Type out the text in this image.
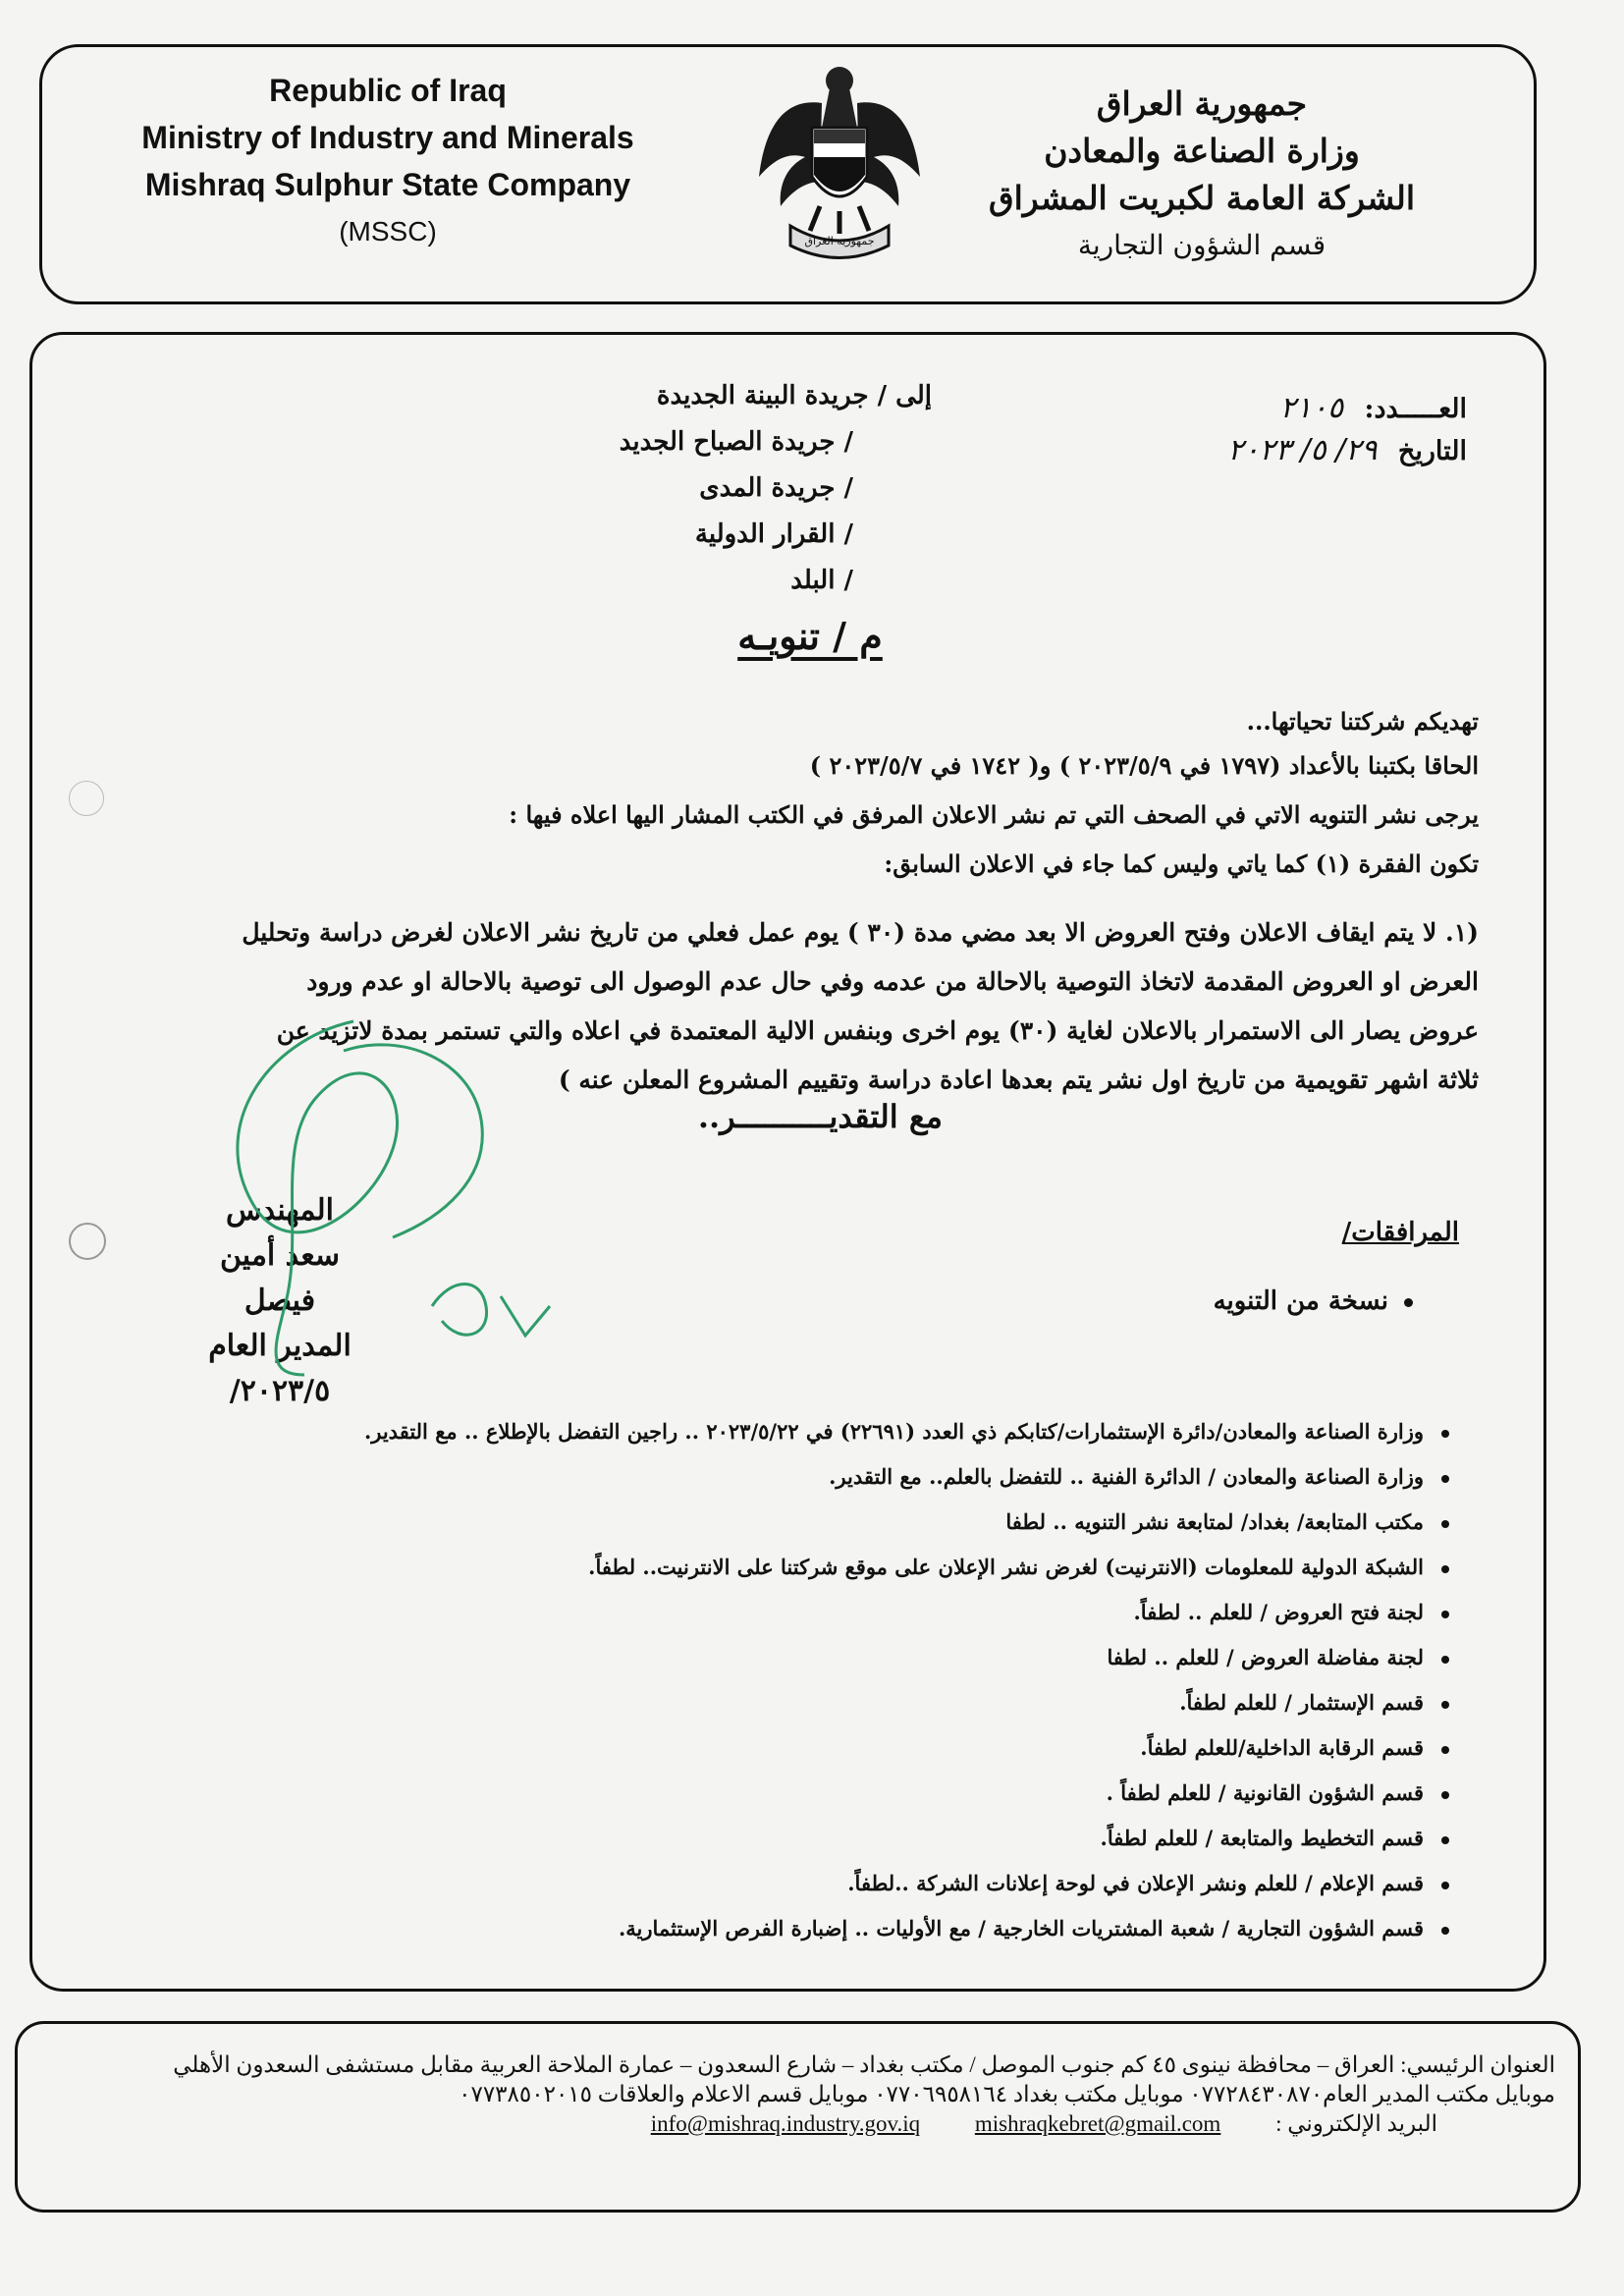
Republic of Iraq
Ministry of Industry and Minerals
Mishraq Sulphur State Company
(MSSC)	جمهورية العراق
جمهورية العراق
وزارة الصناعة والمعادن
الشركة العامة لكبريت المشراق
قسم الشؤون التجارية
العـــــدد: ٢١٠٥
التاريخ ٢٩/ ٥/ ٢٠٢٣
إلى / جريدة البينة الجديدة
/ جريدة الصباح الجديد
/ جريدة المدى
/ القرار الدولية
/ البلد
م / تنويـه
تهديكم شركتنا تحياتها...
الحاقا بكتبنا بالأعداد (١٧٩٧ في ٢٠٢٣/٥/٩ ) و( ١٧٤٢ في ٢٠٢٣/٥/٧ )
يرجى نشر التنويه الاتي في الصحف التي تم نشر الاعلان المرفق في الكتب المشار اليها اعلاه فيها :
تكون الفقرة (١) كما ياتي وليس كما جاء في الاعلان السابق:
(١. لا يتم ايقاف الاعلان وفتح العروض الا بعد مضي مدة (٣٠ ) يوم عمل فعلي من تاريخ نشر الاعلان لغرض دراسة وتحليل
العرض او العروض المقدمة لاتخاذ التوصية بالاحالة من عدمه وفي حال عدم الوصول الى توصية بالاحالة او عدم ورود
عروض يصار الى الاستمرار بالاعلان لغاية (٣٠) يوم اخرى وبنفس الالية المعتمدة في اعلاه والتي تستمر بمدة لاتزيد عن
ثلاثة اشهر تقويمية من تاريخ اول نشر يتم بعدها اعادة دراسة وتقييم المشروع المعلن عنه )
مع التقديــــــــــر..
المهندس
سعد أمين فيصل
المدير العام
٢٠٢٣/٥/
المرافقات/
نسخة من التنويه
وزارة الصناعة والمعادن/دائرة الإستثمارات/كتابكم ذي العدد (٢٢٦٩١) في ٢٠٢٣/٥/٢٢ .. راجين التفضل بالإطلاع .. مع التقدير.
وزارة الصناعة والمعادن / الدائرة الفنية .. للتفضل بالعلم.. مع التقدير.
مكتب المتابعة/ بغداد/ لمتابعة نشر التنويه .. لطفا
الشبكة الدولية للمعلومات (الانترنيت) لغرض نشر الإعلان على موقع شركتنا على الانترنيت.. لطفاً.
لجنة فتح العروض / للعلم .. لطفاً.
لجنة مفاضلة العروض / للعلم .. لطفا
قسم الإستثمار / للعلم لطفاً.
قسم الرقابة الداخلية/للعلم لطفاً.
قسم الشؤون القانونية / للعلم لطفاً .
قسم التخطيط والمتابعة / للعلم لطفاً.
قسم الإعلام / للعلم ونشر الإعلان في لوحة إعلانات الشركة ..لطفاً.
قسم الشؤون التجارية / شعبة المشتريات الخارجية / مع الأوليات .. إضبارة الفرص الإستثمارية.
العنوان الرئيسي: العراق – محافظة نينوى ٤٥ كم جنوب الموصل / مكتب بغداد – شارع السعدون – عمارة الملاحة العربية مقابل مستشفى السعدون الأهلي
موبايل مكتب المدير العام٠٧٧٢٨٤٣٠٨٧٠ موبايل مكتب بغداد ٠٧٧٠٦٩٥٨١٦٤ موبايل قسم الاعلام والعلاقات ٠٧٧٣٨٥٠٢٠١٥
البريد الإلكتروني : mishraqkebret@gmail.com info@mishraq.industry.gov.iq
